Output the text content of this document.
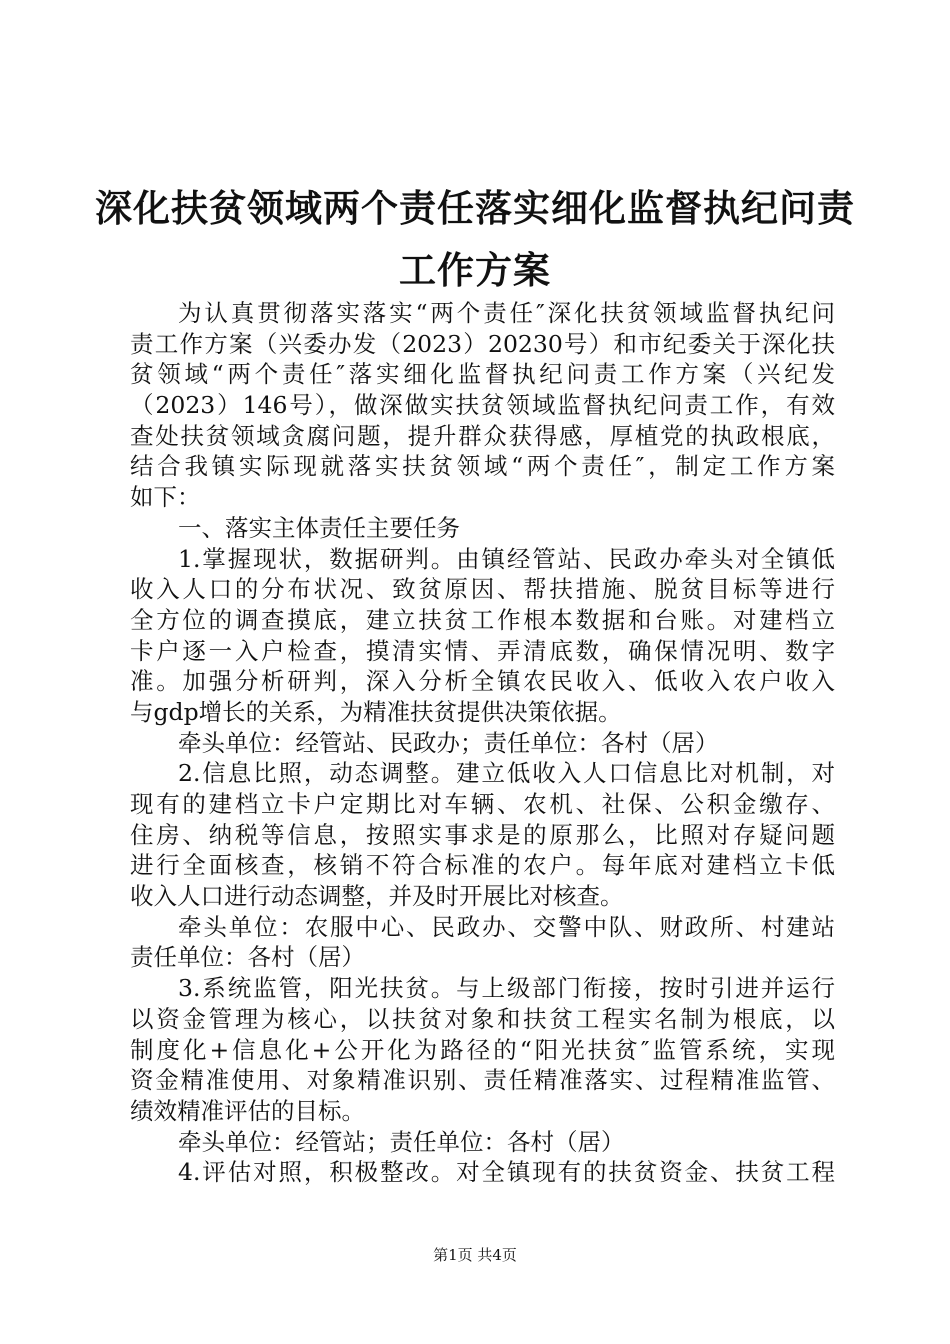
深化扶贫领域两个责任落实细化监督执纪问责
工作方案
为认真贯彻落实落实“两个责任″深化扶贫领域监督执纪问
责工作方案（兴委办发（2023）20230号）和市纪委关于深化扶
贫领域“两个责任″落实细化监督执纪问责工作方案（兴纪发
（2023）146号），做深做实扶贫领域监督执纪问责工作，有效
查处扶贫领域贪腐问题，提升群众获得感，厚植党的执政根底，
结合我镇实际现就落实扶贫领域“两个责任″，制定工作方案
如下：
一、落实主体责任主要任务
1.掌握现状，数据研判。由镇经管站、民政办牵头对全镇低
收入人口的分布状况、致贫原因、帮扶措施、脱贫目标等进行
全方位的调查摸底，建立扶贫工作根本数据和台账。对建档立
卡户逐一入户检查，摸清实情、弄清底数，确保情况明、数字
准。加强分析研判，深入分析全镇农民收入、低收入农户收入
与gdp增长的关系，为精准扶贫提供决策依据。
牵头单位：经管站、民政办；责任单位：各村（居）
2.信息比照，动态调整。建立低收入人口信息比对机制，对
现有的建档立卡户定期比对车辆、农机、社保、公积金缴存、
住房、纳税等信息，按照实事求是的原那么，比照对存疑问题
进行全面核查，核销不符合标准的农户。每年底对建档立卡低
收入人口进行动态调整，并及时开展比对核查。
牵头单位：农服中心、民政办、交警中队、财政所、村建站
责任单位：各村（居）
3.系统监管，阳光扶贫。与上级部门衔接，按时引进并运行
以资金管理为核心，以扶贫对象和扶贫工程实名制为根底，以
制度化+信息化+公开化为路径的“阳光扶贫″监管系统，实现
资金精准使用、对象精准识别、责任精准落实、过程精准监管、
绩效精准评估的目标。
牵头单位：经管站；责任单位：各村（居）
4.评估对照，积极整改。对全镇现有的扶贫资金、扶贫工程
第1页 共4页
